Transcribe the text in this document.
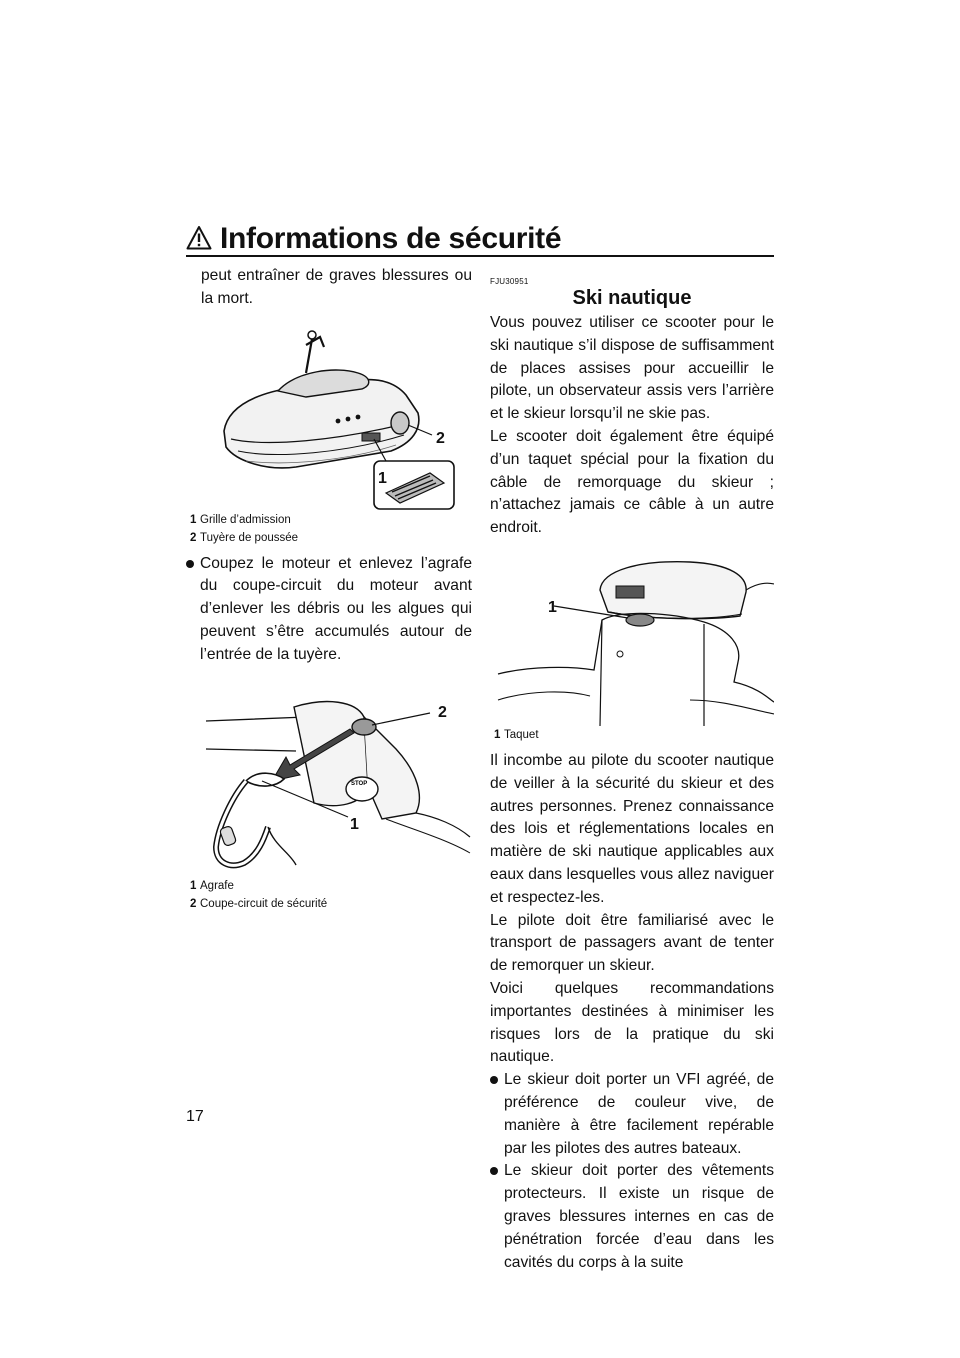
Informations de sécurité

peut entraîner de graves blessures ou la mort.

1
2
1 Grille d’admission
2 Tuyère de poussée

Coupez le moteur et enlevez l’agrafe du coupe-circuit du moteur avant d’enlever les débris ou les algues qui peuvent s’être accumulés autour de l’entrée de la tuyère.

STOP
1
2
1 Agrafe
2 Coupe-circuit de sécurité
FJU30951
Ski nautique

Vous pouvez utiliser ce scooter pour le ski nautique s’il dispose de suffisamment de places assises pour accueillir le pilote, un observateur assis vers l’arrière et le skieur lorsqu’il ne skie pas.

Le scooter doit également être équipé d’un taquet spécial pour la fixation du câble de remorquage du skieur ; n’attachez jamais ce câble à un autre endroit.

1
1 Taquet

Il incombe au pilote du scooter nautique de veiller à la sécurité du skieur et des autres personnes. Prenez connaissance des lois et réglementations locales en matière de ski nautique applicables aux eaux dans lesquelles vous allez naviguer et respectez-les.

Le pilote doit être familiarisé avec le transport de passagers avant de tenter de remorquer un skieur.

Voici quelques recommandations importantes destinées à minimiser les risques lors de la pratique du ski nautique.

Le skieur doit porter un VFI agréé, de préférence de couleur vive, de manière à être facilement repérable par les pilotes des autres bateaux.

Le skieur doit porter des vêtements protecteurs. Il existe un risque de graves blessures internes en cas de pénétration forcée d’eau dans les cavités du corps à la suite

17
